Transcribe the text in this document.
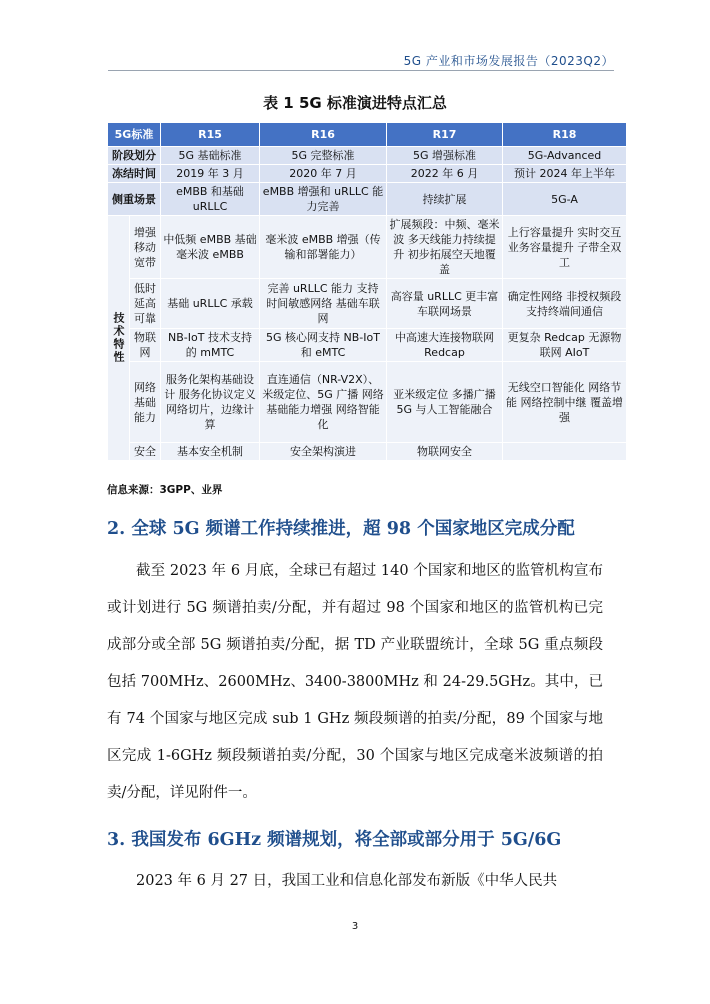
5G 产业和市场发展报告（2023Q2）
表 1 5G 标准演进特点汇总
5G标准		R15	R16	R17	R18
阶段划分		5G 基础标准	5G 完整标准	5G 增强标准	5G-Advanced
冻结时间		2019 年 3 月	2020 年 7 月	2022 年 6 月	预计 2024 年上半年
侧重场景		eMBB 和基础 uRLLC	eMBB 增强和 uRLLC 能力完善	持续扩展	5G-A
技术特性	增强移动宽带	中低频 eMBB 基础毫米波 eMBB	毫米波 eMBB 增强（传输和部署能力）	扩展频段：中频、毫米波 多天线能力持续提升 初步拓展空天地覆盖	上行容量提升 实时交互业务容量提升 子带全双工
	低时延高可靠	基础 uRLLC 承载	完善 uRLLC 能力 支持时间敏感网络 基础车联网	高容量 uRLLC 更丰富车联网场景	确定性网络 非授权频段支持终端间通信
	物联网	NB-IoT 技术支持的 mMTC	5G 核心网支持 NB-IoT 和 eMTC	中高速大连接物联网 Redcap	更复杂 Redcap 无源物联网 AIoT
	网络基础能力	服务化架构基础设计 服务化协议定义 网络切片，边缘计算	直连通信（NR-V2X）、米级定位、5G 广播 网络基础能力增强 网络智能化	亚米级定位 多播广播 5G 与人工智能融合	无线空口智能化 网络节能 网络控制中继 覆盖增强
	安全	基本安全机制	安全架构演进	物联网安全	
信息来源：3GPP、业界
2. 全球 5G 频谱工作持续推进，超 98 个国家地区完成分配

截至 2023 年 6 月底，全球已有超过 140 个国家和地区的监管机构宣布或计划进行 5G 频谱拍卖/分配，并有超过 98 个国家和地区的监管机构已完成部分或全部 5G 频谱拍卖/分配，据 TD 产业联盟统计，全球 5G 重点频段包括 700MHz、2600MHz、3400-3800MHz 和 24-29.5GHz。其中，已有 74 个国家与地区完成 sub 1 GHz 频段频谱的拍卖/分配，89 个国家与地区完成 1-6GHz 频段频谱拍卖/分配，30 个国家与地区完成毫米波频谱的拍卖/分配，详见附件一。

3. 我国发布 6GHz 频谱规划，将全部或部分用于 5G/6G

2023 年 6 月 27 日，我国工业和信息化部发布新版《中华人民共

3
